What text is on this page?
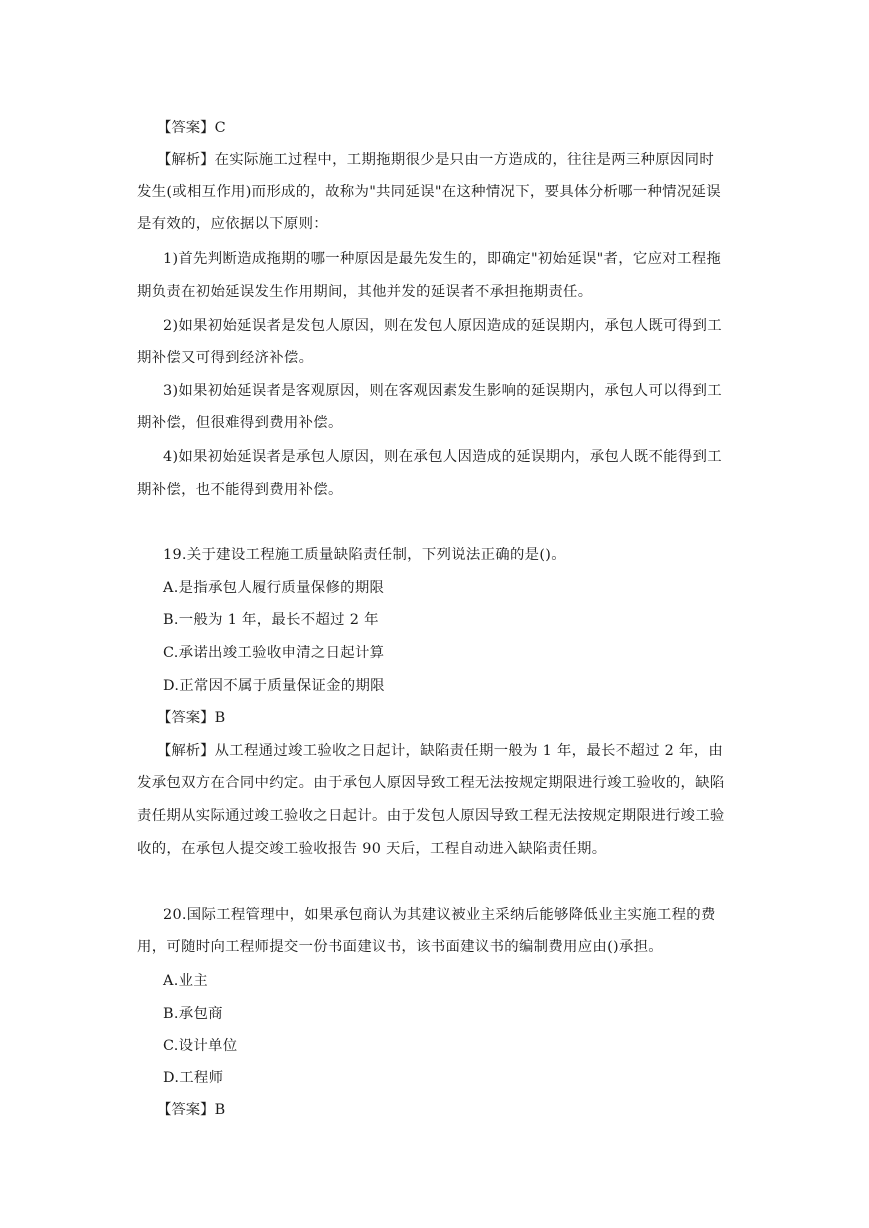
【答案】C
【解析】在实际施工过程中，工期拖期很少是只由一方造成的，往往是两三种原因同时
发生(或相互作用)而形成的，故称为"共同延误"在这种情况下，要具体分析哪一种情况延误
是有效的，应依据以下原则：
1)首先判断造成拖期的哪一种原因是最先发生的，即确定"初始延误"者，它应对工程拖
期负责在初始延误发生作用期间，其他并发的延误者不承担拖期责任。
2)如果初始延误者是发包人原因，则在发包人原因造成的延误期内，承包人既可得到工
期补偿又可得到经济补偿。
3)如果初始延误者是客观原因，则在客观因素发生影响的延误期内，承包人可以得到工
期补偿，但很难得到费用补偿。
4)如果初始延误者是承包人原因，则在承包人因造成的延误期内，承包人既不能得到工
期补偿，也不能得到费用补偿。
19.关于建设工程施工质量缺陷责任制，下列说法正确的是()。
A.是指承包人履行质量保修的期限
B.一般为 1 年，最长不超过 2 年
C.承诺出竣工验收申清之日起计算
D.正常因不属于质量保证金的期限
【答案】B
【解析】从工程通过竣工验收之日起计，缺陷责任期一般为 1 年，最长不超过 2 年，由
发承包双方在合同中约定。由于承包人原因导致工程无法按规定期限进行竣工验收的，缺陷
责任期从实际通过竣工验收之日起计。由于发包人原因导致工程无法按规定期限进行竣工验
收的，在承包人提交竣工验收报告 90 天后，工程自动进入缺陷责任期。
20.国际工程管理中，如果承包商认为其建议被业主采纳后能够降低业主实施工程的费
用，可随时向工程师提交一份书面建议书，该书面建议书的编制费用应由()承担。
A.业主
B.承包商
C.设计单位
D.工程师
【答案】B
